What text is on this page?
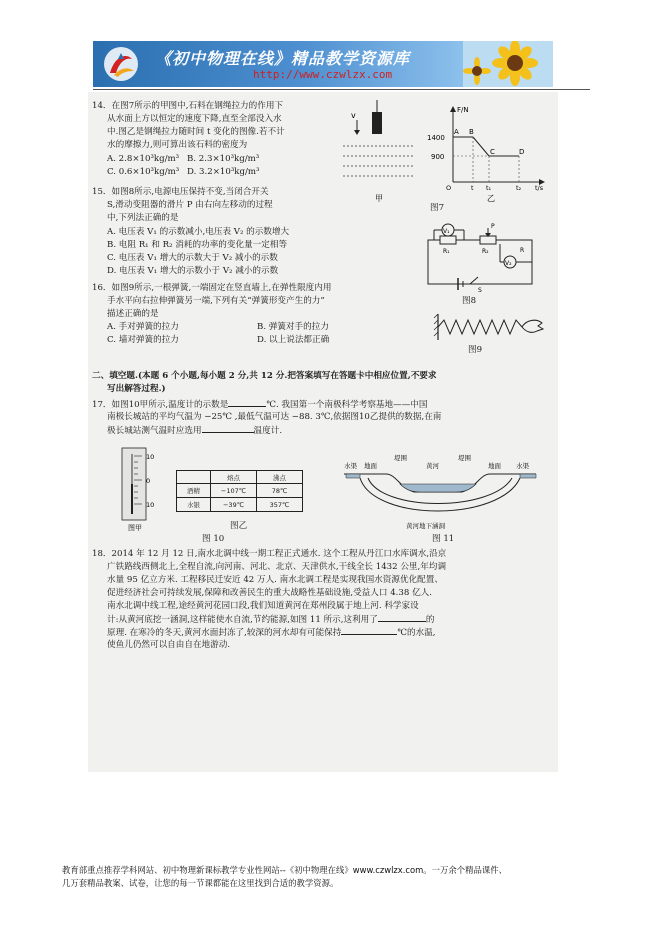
《初中物理在线》精品教学资源库
http://www.czwlzx.com
14．在图7所示的甲图中,石料在钢绳拉力的作用下
从水面上方以恒定的速度下降,直至全部没入水
中.图乙是钢绳拉力随时间 t 变化的图像.若不计
水的摩擦力,则可算出该石料的密度为
A. 2.8×10³kg/m³ B. 2.3×10³kg/m³
C. 0.6×10³kg/m³ D. 3.2×10³kg/m³
v
甲
F/N
1400
900
A B
C	D
O	t t₁	t₂ t/s
乙
图7
15．如图8所示,电源电压保持不变,当闭合开关
S,滑动变阻器的滑片 P 由右向左移动的过程
中,下列法正确的是
A. 电压表 V₁ 的示数减小,电压表 V₂ 的示数增大
B. 电阻 R₁ 和 R₂ 消耗的功率的变化量一定相等
C. 电压表 V₁ 增大的示数大于 V₂ 减小的示数
D. 电压表 V₁ 增大的示数小于 V₂ 减小的示数
V₁
V₂
R₁	R₂	R
P
S
图8
16．如图9所示,一根弹簧,一端固定在竖直墙上,在弹性限度内用
手水平向右拉伸弹簧另一端,下列有关“弹簧形变产生的力”
描述正确的是
A. 手对弹簧的拉力	B. 弹簧对手的拉力
C. 墙对弹簧的拉力	D. 以上说法都正确
图9
二、填空题.(本题 6 个小题,每小题 2 分,共 12 分.把答案填写在答题卡中相应位置,不要求
写出解答过程.)
17．如图10甲所示,温度计的示数是	℃. 我国第一个南极科学考察基地——中国
南极长城站的平均气温为 −25℃ ,最低气温可达 −88. 3℃,依据图10乙提供的数据,在南
极长城站测气温时应选用	温度计.
10
0
10
图甲
	熔点	沸点
酒精	−107℃	78℃
水银	−39℃	357℃
图乙
图 10
水渠 地面
堤围
黄河
堤围
地面 水渠
黄河地下涵洞
图 11
18．2014 年 12 月 12 日,南水北调中线一期工程正式通水. 这个工程从丹江口水库调水,沿京
广铁路线西侧北上,全程自流,向河南、河北、北京、天津供水,干线全长 1432 公里,年均调
水量 95 亿立方米. 工程移民迁安近 42 万人. 南水北调工程是实现我国水资源优化配置、
促进经济社会可持续发展,保障和改善民生的重大战略性基础设施,受益人口 4.38 亿人.
南水北调中线工程,途经黄河花园口段,我们知道黄河在郑州段属于地上河. 科学家设
计:从黄河底挖一涵洞,这样能使水自流,节约能源,如图 11 所示,这利用了	的
原理. 在寒冷的冬天,黄河水面封冻了,较深的河水却有可能保持	℃的水温,
使鱼儿仍然可以自由自在地游动.
教育部重点推荐学科网站、初中物理新课标教学专业性网站--《初中物理在线》www.czwlzx.com。一万余个精品课件、
几万套精品教案、试卷，让您的每一节课都能在这里找到合适的教学资源。
